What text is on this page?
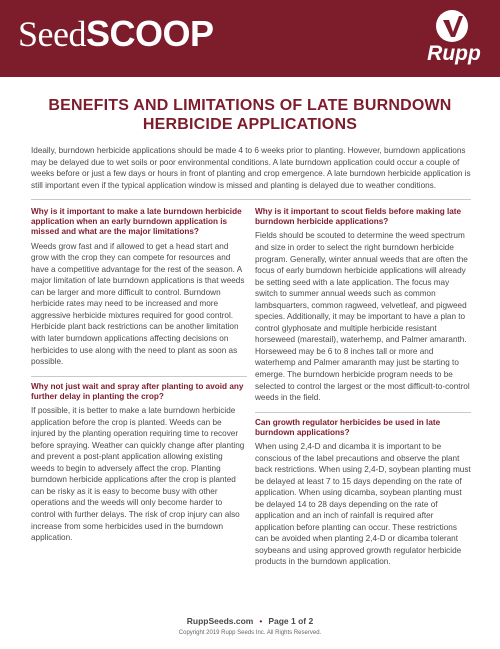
SeedSCOOP	Rupp
BENEFITS AND LIMITATIONS OF LATE BURNDOWN
HERBICIDE APPLICATIONS

Ideally, burndown herbicide applications should be made 4 to 6 weeks prior to planting. However, burndown applications may be delayed due to wet soils or poor environmental conditions. A late burndown application could occur a couple of weeks before or just a few days or hours in front of planting and crop emergence. A late burndown herbicide application is still important even if the typical application window is missed and planting is delayed due to weather conditions.

Why is it important to make a late burndown herbicide application when an early burndown application is missed and what are the major limitations?

Weeds grow fast and if allowed to get a head start and grow with the crop they can compete for resources and have a competitive advantage for the rest of the season. A major limitation of late burndown applications is that weeds can be larger and more difficult to control. Burndown herbicide rates may need to be increased and more aggressive herbicide mixtures required for good control. Herbicide plant back restrictions can be another limitation with later burndown applications affecting decisions on herbicides to use along with the need to plant as soon as possible.

Why not just wait and spray after planting to avoid any further delay in planting the crop?

If possible, it is better to make a late burndown herbicide application before the crop is planted. Weeds can be injured by the planting operation requiring time to recover before spraying. Weather can quickly change after planting and prevent a post-plant application allowing existing weeds to begin to adversely affect the crop. Planting burndown herbicide applications after the crop is planted can be risky as it is easy to become busy with other operations and the weeds will only become harder to control with further delays. The risk of crop injury can also increase from some herbicides used in the burndown application.

Why is it important to scout fields before making late burndown herbicide applications?

Fields should be scouted to determine the weed spectrum and size in order to select the right burndown herbicide program. Generally, winter annual weeds that are often the focus of early burndown herbicide applications will already be setting seed with a late application. The focus may switch to summer annual weeds such as common lambsquarters, common ragweed, velvetleaf, and pigweed species. Additionally, it may be important to have a plan to control glyphosate and multiple herbicide resistant horseweed (marestail), waterhemp, and Palmer amaranth. Horseweed may be 6 to 8 inches tall or more and waterhemp and Palmer amaranth may just be starting to emerge. The burndown herbicide program needs to be selected to control the largest or the most difficult-to-control weeds in the field.

Can growth regulator herbicides be used in late burndown applications?

When using 2,4-D and dicamba it is important to be conscious of the label precautions and observe the plant back restrictions. When using 2,4-D, soybean planting must be delayed at least 7 to 15 days depending on the rate of application. When using dicamba, soybean planting must be delayed 14 to 28 days depending on the rate of application and an inch of rainfall is required after application before planting can occur. These restrictions can be avoided when planting 2,4-D or dicamba tolerant soybeans and using approved growth regulator herbicide products in the burndown application.

RuppSeeds.com • Page 1 of 2
Copyright 2019 Rupp Seeds Inc. All Rights Reserved.
